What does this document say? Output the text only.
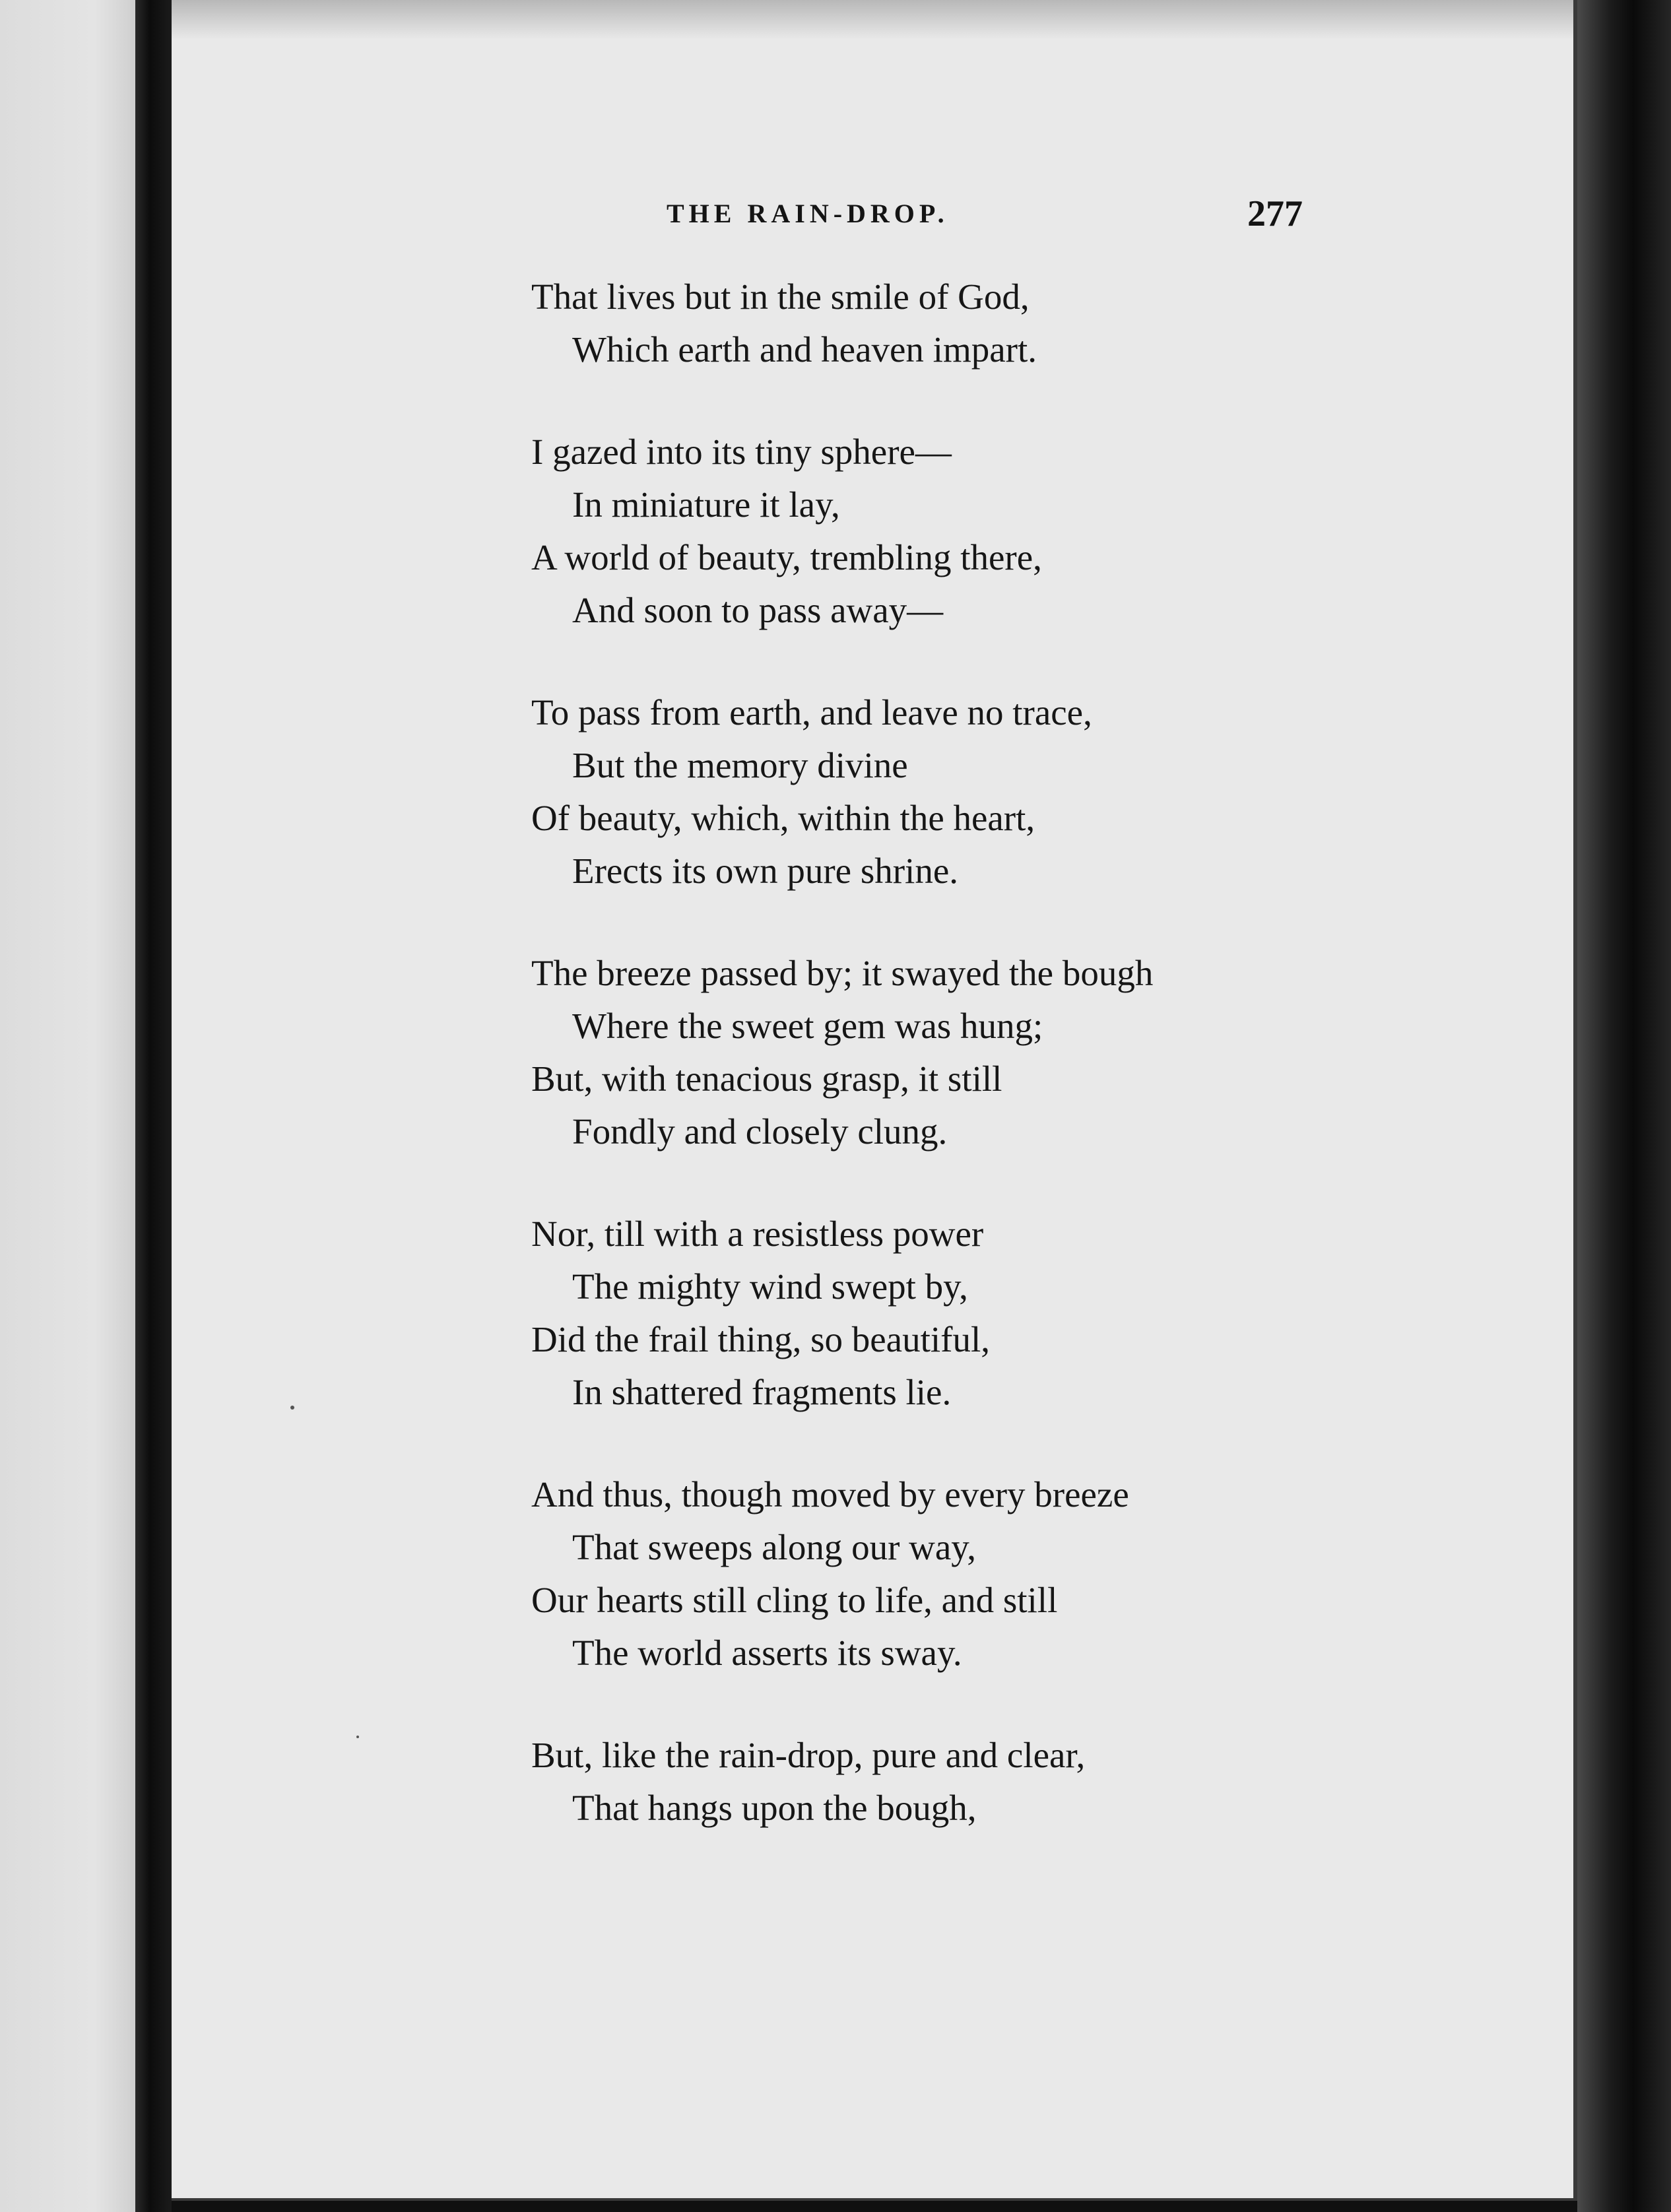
THE RAIN-DROP.	277
That lives but in the smile of God,
Which earth and heaven impart.
I gazed into its tiny sphere—
In miniature it lay,
A world of beauty, trembling there,
And soon to pass away—
To pass from earth, and leave no trace,
But the memory divine
Of beauty, which, within the heart,
Erects its own pure shrine.
The breeze passed by; it swayed the bough
Where the sweet gem was hung;
But, with tenacious grasp, it still
Fondly and closely clung.
Nor, till with a resistless power
The mighty wind swept by,
Did the frail thing, so beautiful,
In shattered fragments lie.
And thus, though moved by every breeze
That sweeps along our way,
Our hearts still cling to life, and still
The world asserts its sway.
But, like the rain-drop, pure and clear,
That hangs upon the bough,
